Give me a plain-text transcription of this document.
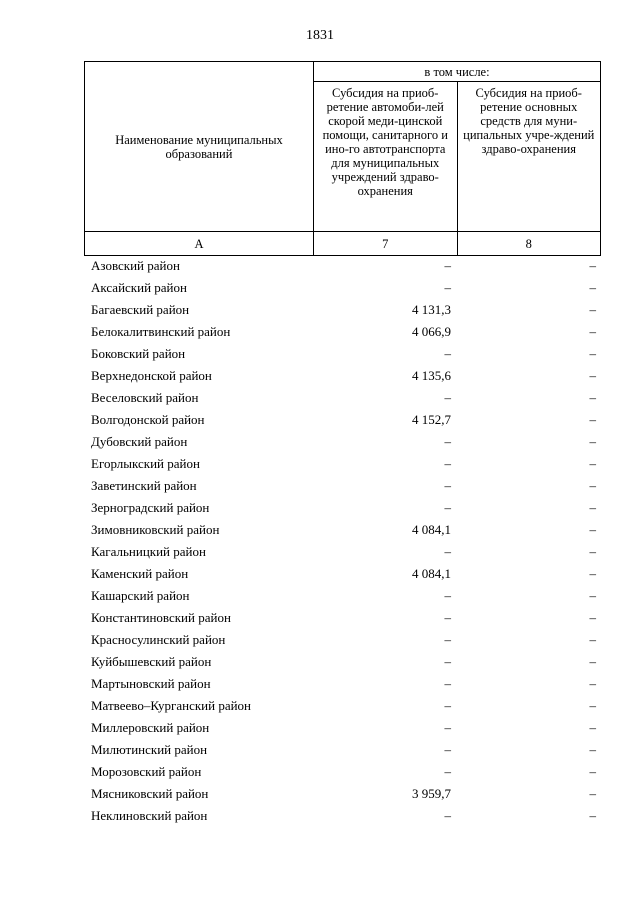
1831
Наименование муниципальных образований	в том числе:	
	Субсидия на приоб-ретение автомоби-лей скорой меди-цинской помощи, санитарного и ино-го автотранспорта для муниципальных учреждений здраво-охранения	Субсидия на приоб-ретение основных средств для муни-ципальных учре-ждений здраво-охранения
А	7	8
Азовский район	–	–
Аксайский район	–	–
Багаевский район	4 131,3	–
Белокалитвинский район	4 066,9	–
Боковский район	–	–
Верхнедонской район	4 135,6	–
Веселовский район	–	–
Волгодонской район	4 152,7	–
Дубовский район	–	–
Егорлыкский район	–	–
Заветинский район	–	–
Зерноградский район	–	–
Зимовниковский район	4 084,1	–
Кагальницкий район	–	–
Каменский район	4 084,1	–
Кашарский район	–	–
Константиновский район	–	–
Красносулинский район	–	–
Куйбышевский район	–	–
Мартыновский район	–	–
Матвеево–Курганский район	–	–
Миллеровский район	–	–
Милютинский район	–	–
Морозовский район	–	–
Мясниковский район	3 959,7	–
Неклиновский район	–	–
